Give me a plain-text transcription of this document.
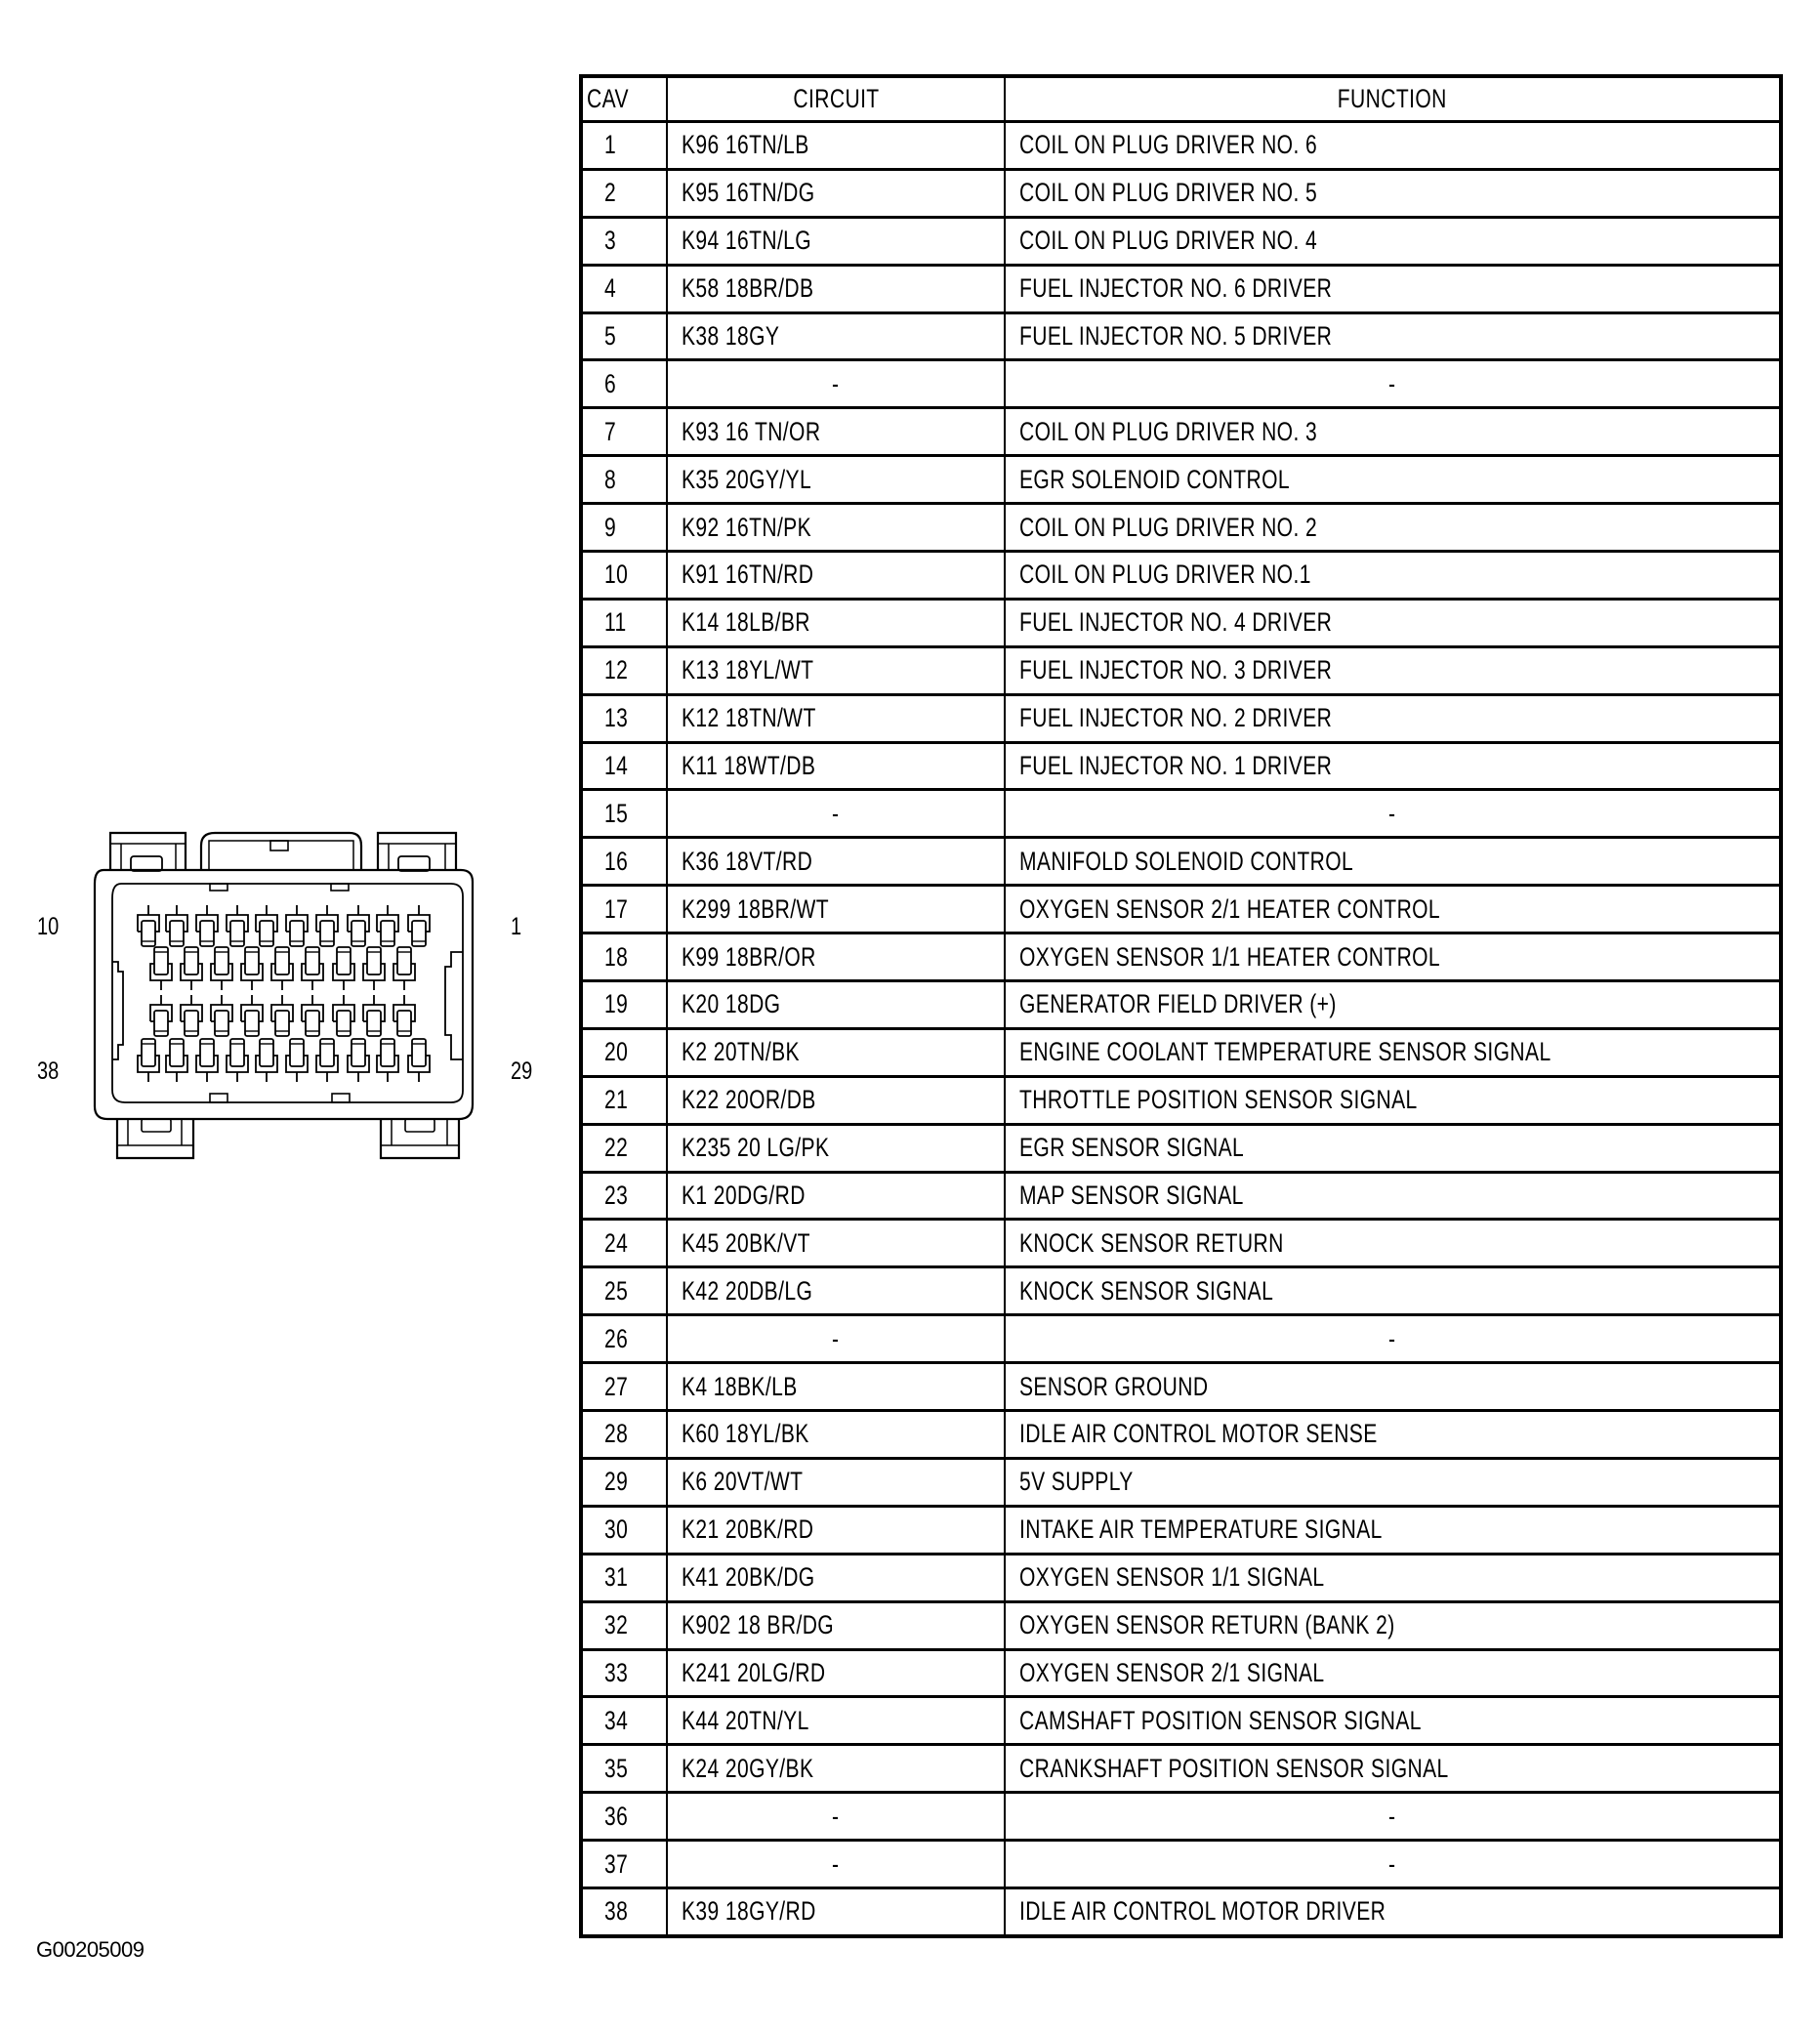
10	1
38	29
CAV	CIRCUIT	FUNCTION
1	K96 16TN/LB	COIL ON PLUG DRIVER NO. 6
2	K95 16TN/DG	COIL ON PLUG DRIVER NO. 5
3	K94 16TN/LG	COIL ON PLUG DRIVER NO. 4
4	K58 18BR/DB	FUEL INJECTOR NO. 6 DRIVER
5	K38 18GY	FUEL INJECTOR NO. 5 DRIVER
6	-	-
7	K93 16 TN/OR	COIL ON PLUG DRIVER NO. 3
8	K35 20GY/YL	EGR SOLENOID CONTROL
9	K92 16TN/PK	COIL ON PLUG DRIVER NO. 2
10	K91 16TN/RD	COIL ON PLUG DRIVER NO.1
11	K14 18LB/BR	FUEL INJECTOR NO. 4 DRIVER
12	K13 18YL/WT	FUEL INJECTOR NO. 3 DRIVER
13	K12 18TN/WT	FUEL INJECTOR NO. 2 DRIVER
14	K11 18WT/DB	FUEL INJECTOR NO. 1 DRIVER
15	-	-
16	K36 18VT/RD	MANIFOLD SOLENOID CONTROL
17	K299 18BR/WT	OXYGEN SENSOR 2/1 HEATER CONTROL
18	K99 18BR/OR	OXYGEN SENSOR 1/1 HEATER CONTROL
19	K20 18DG	GENERATOR FIELD DRIVER (+)
20	K2 20TN/BK	ENGINE COOLANT TEMPERATURE SENSOR SIGNAL
21	K22 20OR/DB	THROTTLE POSITION SENSOR SIGNAL
22	K235 20 LG/PK	EGR SENSOR SIGNAL
23	K1 20DG/RD	MAP SENSOR SIGNAL
24	K45 20BK/VT	KNOCK SENSOR RETURN
25	K42 20DB/LG	KNOCK SENSOR SIGNAL
26	-	-
27	K4 18BK/LB	SENSOR GROUND
28	K60 18YL/BK	IDLE AIR CONTROL MOTOR SENSE
29	K6 20VT/WT	5V SUPPLY
30	K21 20BK/RD	INTAKE AIR TEMPERATURE SIGNAL
31	K41 20BK/DG	OXYGEN SENSOR 1/1 SIGNAL
32	K902 18 BR/DG	OXYGEN SENSOR RETURN (BANK 2)
33	K241 20LG/RD	OXYGEN SENSOR 2/1 SIGNAL
34	K44 20TN/YL	CAMSHAFT POSITION SENSOR SIGNAL
35	K24 20GY/BK	CRANKSHAFT POSITION SENSOR SIGNAL
36	-	-
37	-	-
38	K39 18GY/RD	IDLE AIR CONTROL MOTOR DRIVER
G00205009
